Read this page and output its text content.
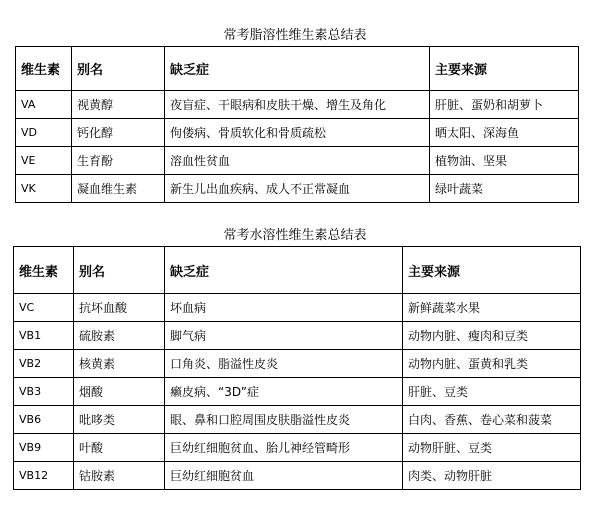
常考脂溶性维生素总结表
维生素	别名	缺乏症	主要来源
VA	视黄醇	夜盲症、干眼病和皮肤干燥、增生及角化	肝脏、蛋奶和胡萝卜
VD	钙化醇	佝偻病、骨质软化和骨质疏松	晒太阳、深海鱼
VE	生育酚	溶血性贫血	植物油、坚果
VK	凝血维生素	新生儿出血疾病、成人不正常凝血	绿叶蔬菜
常考水溶性维生素总结表
维生素	别名	缺乏症	主要来源
VC	抗坏血酸	坏血病	新鲜蔬菜水果
VB1	硫胺素	脚气病	动物内脏、瘦肉和豆类
VB2	核黄素	口角炎、脂溢性皮炎	动物内脏、蛋黄和乳类
VB3	烟酸	癞皮病、“3D”症	肝脏、豆类
VB6	吡哆类	眼、鼻和口腔周围皮肤脂溢性皮炎	白肉、香蕉、卷心菜和菠菜
VB9	叶酸	巨幼红细胞贫血、胎儿神经管畸形	动物肝脏、豆类
VB12	钴胺素	巨幼红细胞贫血	肉类、动物肝脏
